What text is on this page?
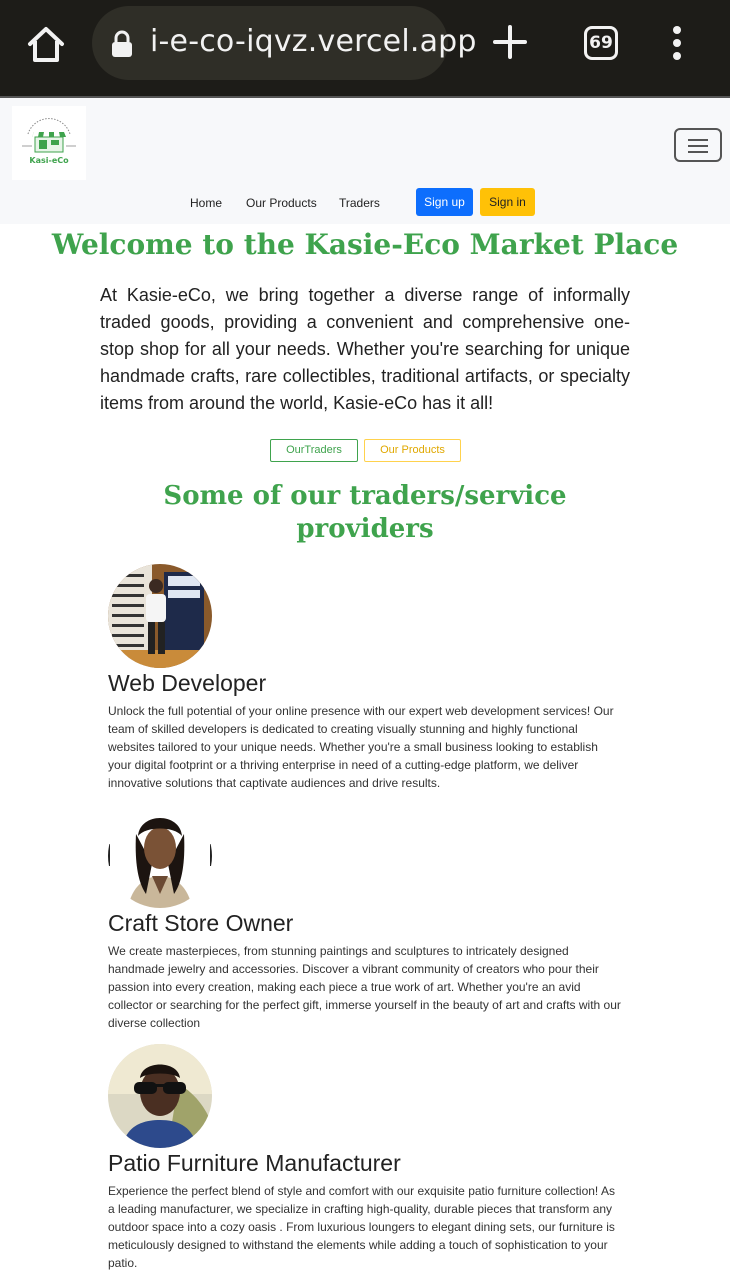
i-e-co-iqvz.vercel.app	69
Kasi-eCo
Home Our Products Traders	Sign up	Sign in
Welcome to the Kasie-Eco Market Place

At Kasie-eCo, we bring together a diverse range of informally traded goods, providing a convenient and comprehensive one-stop shop for all your needs. Whether you're searching for unique handmade crafts, rare collectibles, traditional artifacts, or specialty items from around the world, Kasie-eCo has it all!

OurTraders	Our Products
Some of our traders/service providers
Web Developer
Unlock the full potential of your online presence with our expert web development services! Our team of skilled developers is dedicated to creating visually stunning and highly functional websites tailored to your unique needs. Whether you're a small business looking to establish your digital footprint or a thriving enterprise in need of a cutting-edge platform, we deliver innovative solutions that captivate audiences and drive results.
Craft Store Owner
We create masterpieces, from stunning paintings and sculptures to intricately designed handmade jewelry and accessories. Discover a vibrant community of creators who pour their passion into every creation, making each piece a true work of art. Whether you're an avid collector or searching for the perfect gift, immerse yourself in the beauty of art and crafts with our diverse collection
Patio Furniture Manufacturer
Experience the perfect blend of style and comfort with our exquisite patio furniture collection! As a leading manufacturer, we specialize in crafting high-quality, durable pieces that transform any outdoor space into a cozy oasis . From luxurious loungers to elegant dining sets, our furniture is meticulously designed to withstand the elements while adding a touch of sophistication to your patio.
